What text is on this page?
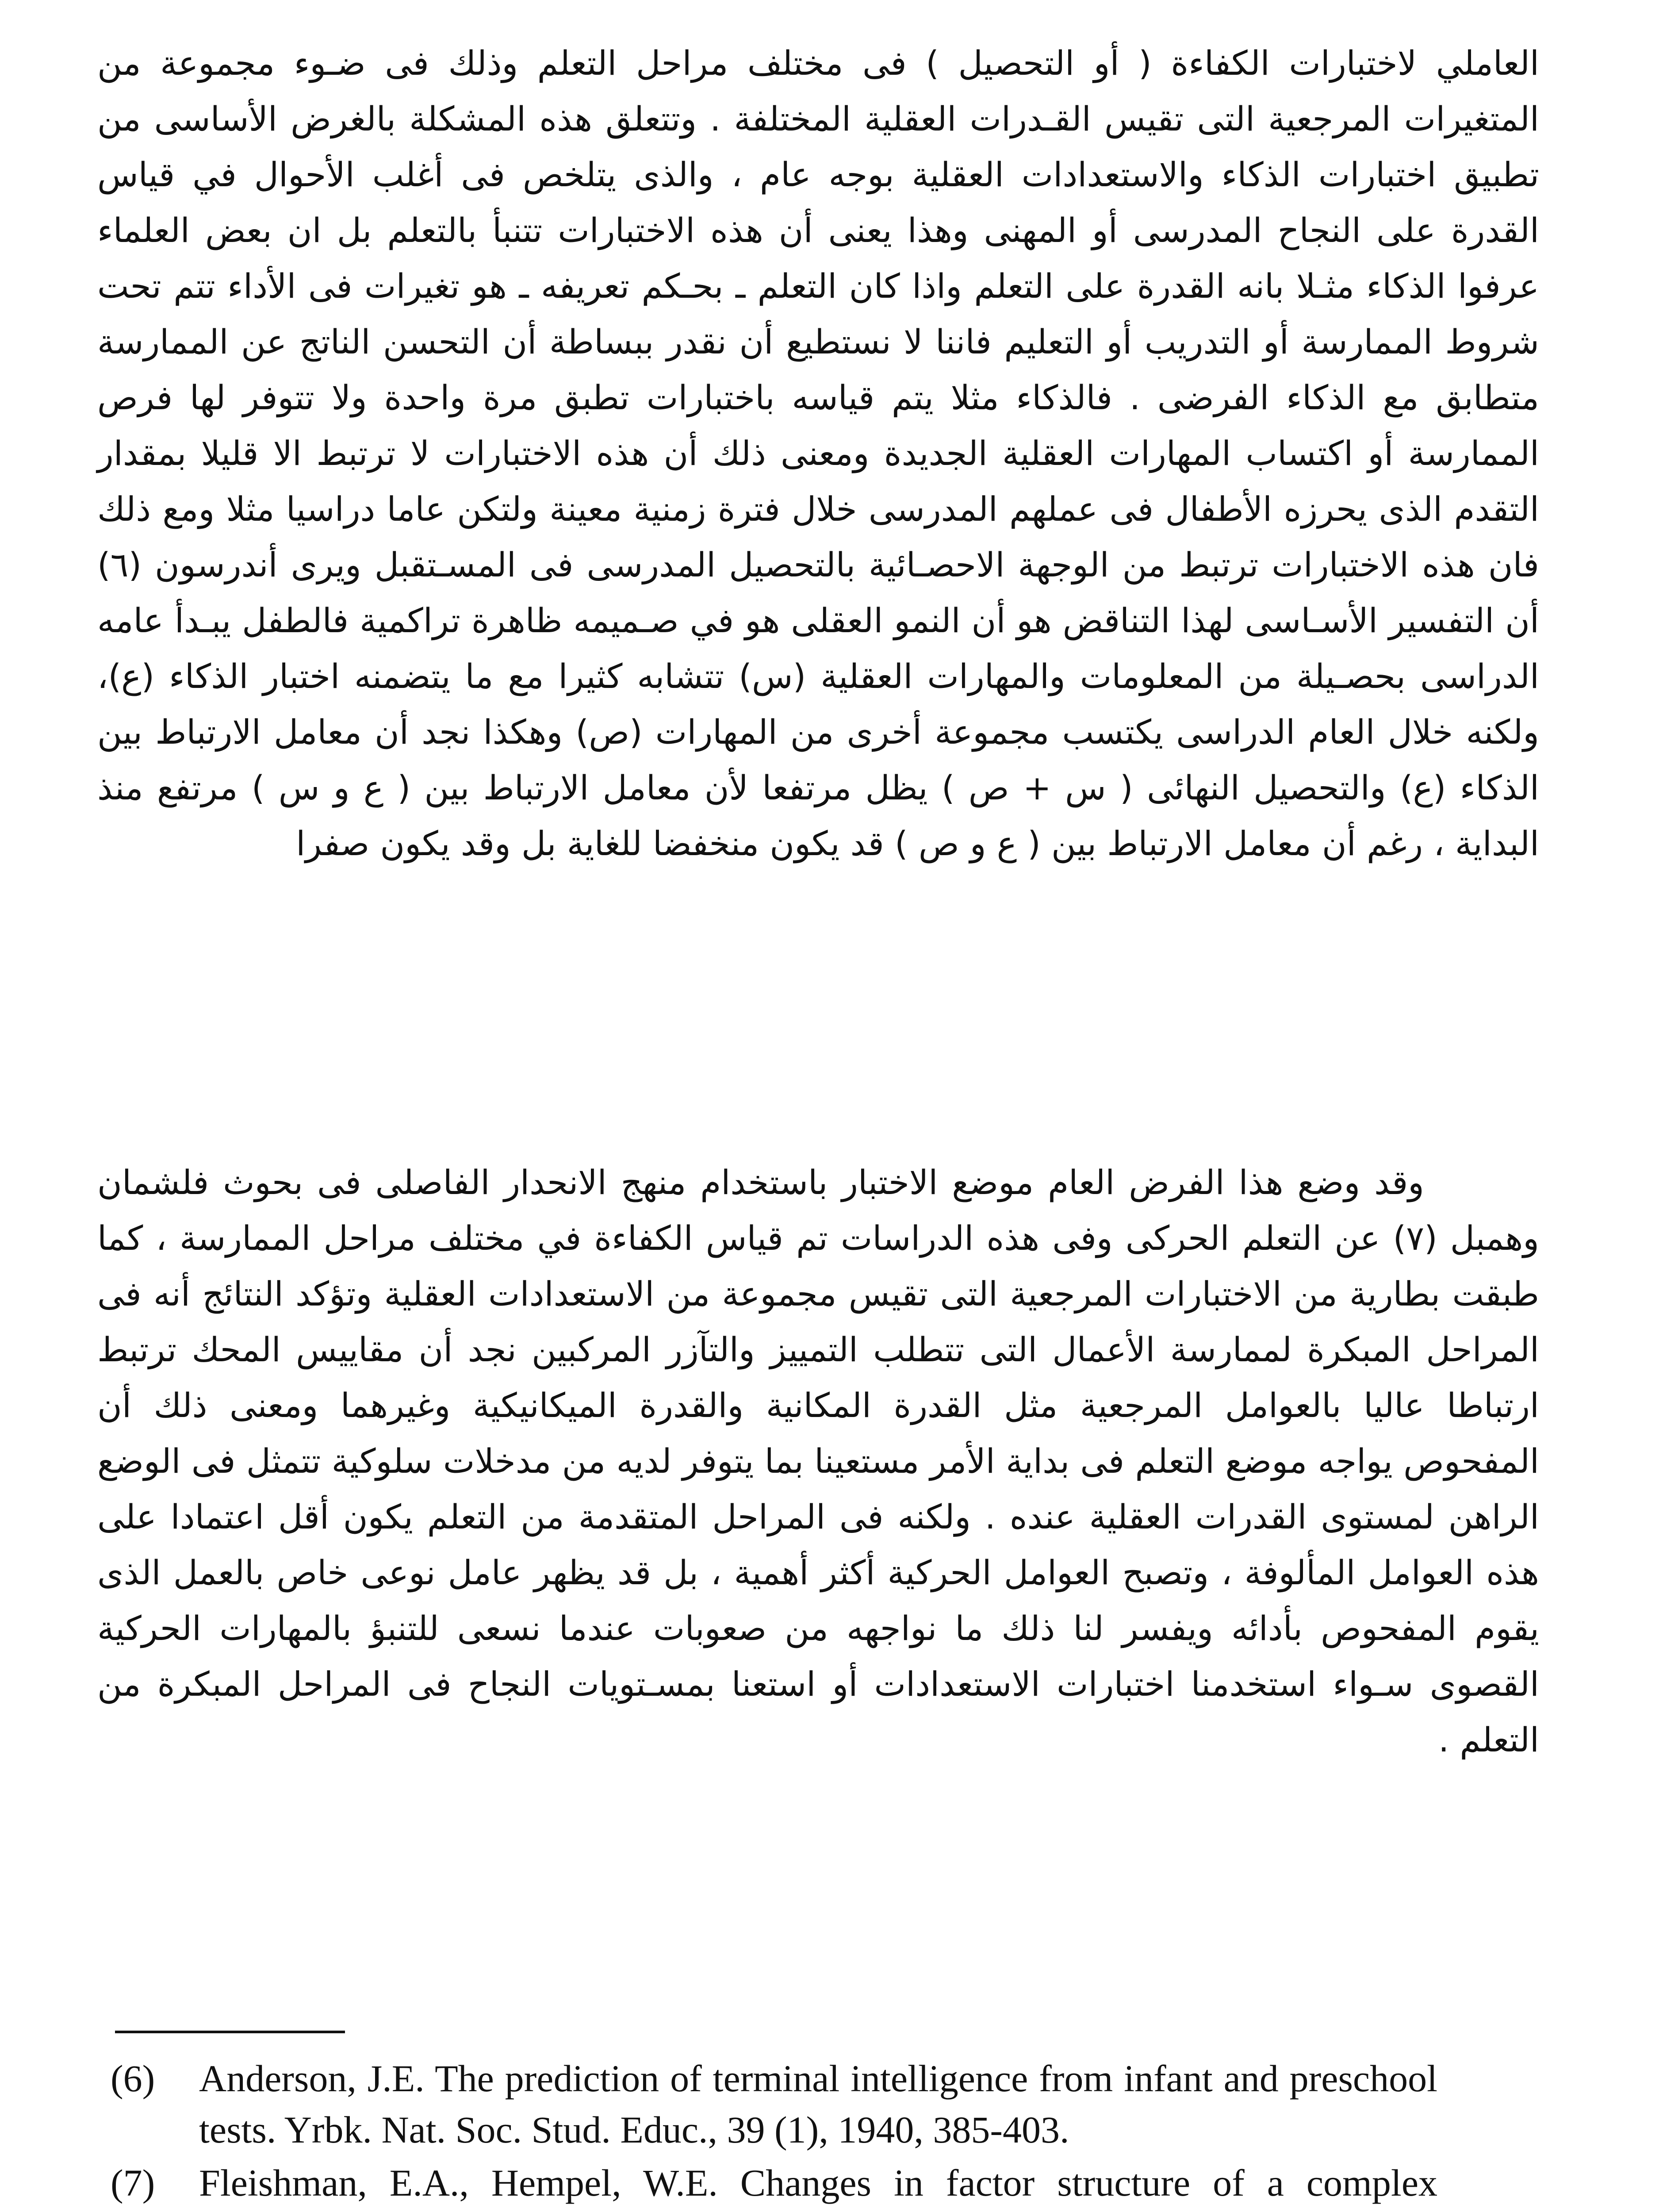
العاملي لاختبارات الكفاءة ( أو التحصيل ) فى مختلف مراحل التعلم وذلك فى ضـوء مجموعة من المتغيرات المرجعية التى تقيس القـدرات العقلية المختلفة . وتتعلق هذه المشكلة بالغرض الأساسى من تطبيق اختبارات الذكاء والاستعدادات العقلية بوجه عام ، والذى يتلخص فى أغلب الأحوال في قياس القدرة على النجاح المدرسى أو المهنى وهذا يعنى أن هذه الاختبارات تتنبأ بالتعلم بل ان بعض العلماء عرفوا الذكاء مثـلا بانه القدرة على التعلم واذا كان التعلم ـ بحـكم تعريفه ـ هو تغيرات فى الأداء تتم تحت شروط الممارسة أو التدريب أو التعليم فاننا لا نستطيع أن نقدر ببساطة أن التحسن الناتج عن الممارسة متطابق مع الذكاء الفرضى . فالذكاء مثلا يتم قياسه باختبارات تطبق مرة واحدة ولا تتوفر لها فرص الممارسة أو اكتساب المهارات العقلية الجديدة ومعنى ذلك أن هذه الاختبارات لا ترتبط الا قليلا بمقدار التقدم الذى يحرزه الأطفال فى عملهم المدرسى خلال فترة زمنية معينة ولتكن عاما دراسيا مثلا ومع ذلك فان هذه الاختبارات ترتبط من الوجهة الاحصـائية بالتحصيل المدرسى فى المسـتقبل ويرى أندرسون (٦) أن التفسير الأسـاسى لهذا التناقض هو أن النمو العقلى هو في صـميمه ظاهرة تراكمية فالطفل يبـدأ عامه الدراسى بحصـيلة من المعلومات والمهارات العقلية (س) تتشابه كثيرا مع ما يتضمنه اختبار الذكاء (ع)، ولكنه خلال العام الدراسى يكتسب مجموعة أخرى من المهارات (ص) وهكذا نجد أن معامل الارتباط بين الذكاء (ع) والتحصيل النهائى ( س + ص ) يظل مرتفعا لأن معامل الارتباط بين ( ع و س ) مرتفع منذ البداية ، رغم أن معامل الارتباط بين ( ع و ص ) قد يكون منخفضا للغاية بل وقد يكون صفرا

وقد وضع هذا الفرض العام موضع الاختبار باستخدام منهج الانحدار الفاصلى فى بحوث فلشمان وهمبل (٧) عن التعلم الحركى وفى هذه الدراسات تم قياس الكفاءة في مختلف مراحل الممارسة ، كما طبقت بطارية من الاختبارات المرجعية التى تقيس مجموعة من الاستعدادات العقلية وتؤكد النتائج أنه فى المراحل المبكرة لممارسة الأعمال التى تتطلب التمييز والتآزر المركبين نجد أن مقاييس المحك ترتبط ارتباطا عاليا بالعوامل المرجعية مثل القدرة المكانية والقدرة الميكانيكية وغيرهما ومعنى ذلك أن المفحوص يواجه موضع التعلم فى بداية الأمر مستعينا بما يتوفر لديه من مدخلات سلوكية تتمثل فى الوضع الراهن لمستوى القدرات العقلية عنده . ولكنه فى المراحل المتقدمة من التعلم يكون أقل اعتمادا على هذه العوامل المألوفة ، وتصبح العوامل الحركية أكثر أهمية ، بل قد يظهر عامل نوعى خاص بالعمل الذى يقوم المفحوص بأدائه ويفسر لنا ذلك ما نواجهه من صعوبات عندما نسعى للتنبؤ بالمهارات الحركية القصوى سـواء استخدمنا اختبارات الاستعدادات أو استعنا بمسـتويات النجاح فى المراحل المبكرة من التعلم .

(6)	Anderson, J.E. The prediction of terminal intelligence from infant and preschool tests. Yrbk. Nat. Soc. Stud. Educ., 39 (1), 1940, 385-403.
(7)	Fleishman, E.A., Hempel, W.E. Changes in factor structure of a complex
